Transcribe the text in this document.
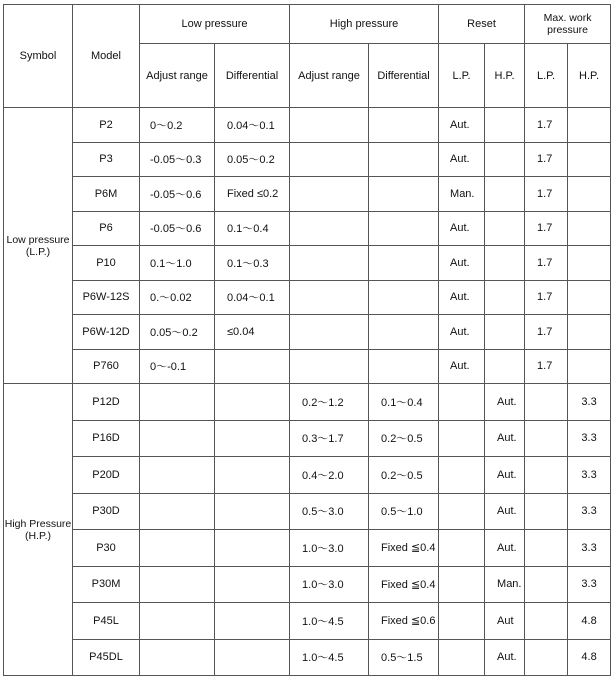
Symbol	Model	Low pressure		High pressure		Reset		Max. work pressure	
		Adjust range	Differential	Adjust range	Differential	L.P.	H.P.	L.P.	H.P.
Low pressure (L.P.)	P2	0～0.2	0.04～0.1			Aut.		1.7	
	P3	-0.05～0.3	0.05～0.2			Aut.		1.7	
	P6M	-0.05～0.6	Fixed ≤0.2			Man.		1.7	
	P6	-0.05～0.6	0.1～0.4			Aut.		1.7	
	P10	0.1～1.0	0.1～0.3			Aut.		1.7	
	P6W-12S	0.～0.02	0.04～0.1			Aut.		1.7	
	P6W-12D	0.05～0.2	≤0.04			Aut.		1.7	
	P760	0～-0.1				Aut.		1.7	
High Pressure (H.P.)	P12D			0.2～1.2	0.1～0.4		Aut.		3.3
	P16D			0.3～1.7	0.2～0.5		Aut.		3.3
	P20D			0.4～2.0	0.2～0.5		Aut.		3.3
	P30D			0.5～3.0	0.5～1.0		Aut.		3.3
	P30			1.0～3.0	Fixed ≦0.4		Aut.		3.3
	P30M			1.0～3.0	Fixed ≦0.4		Man.		3.3
	P45L			1.0～4.5	Fixed ≦0.6		Aut		4.8
	P45DL			1.0～4.5	0.5～1.5		Aut.		4.8
